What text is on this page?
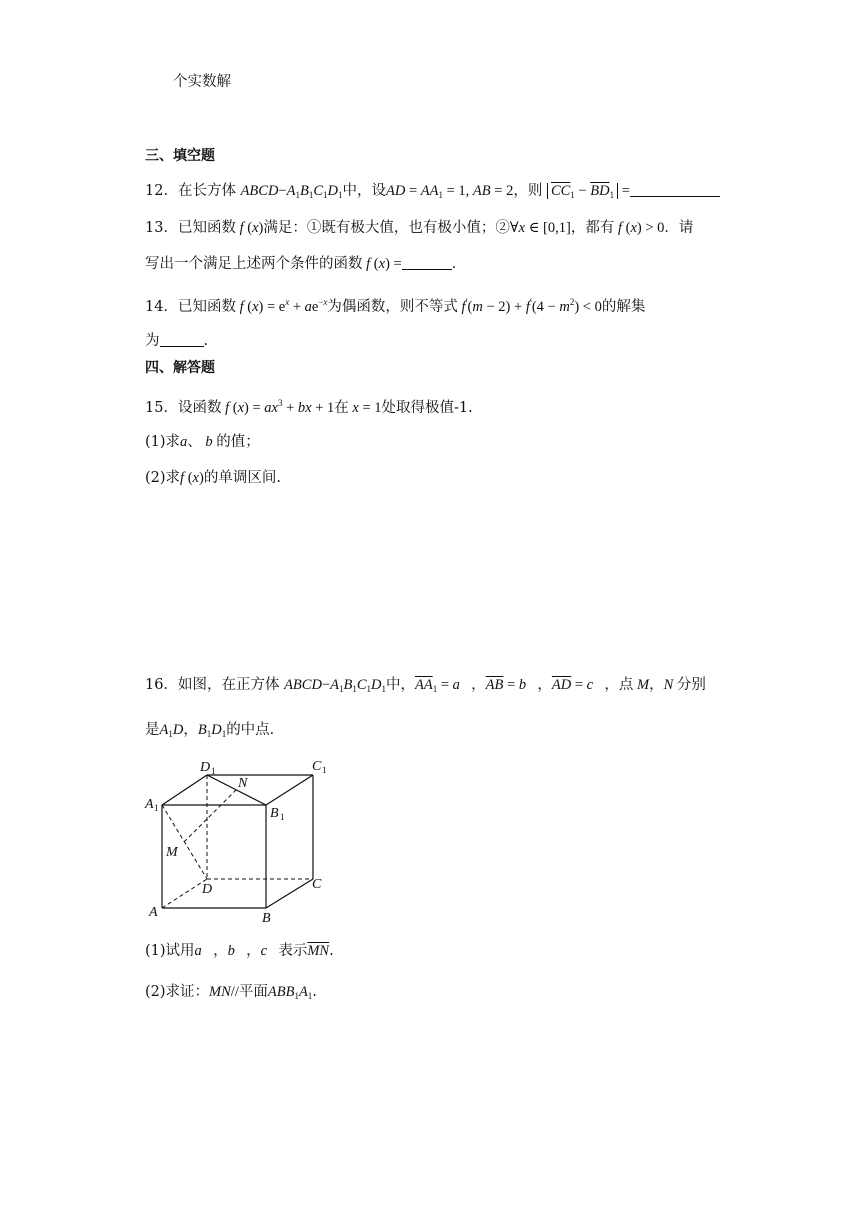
个实数解
三、填空题
12．在长方体 $ABCD-A_1B_1C_1D_1$中，设AD = $AA_1 = 1$, AB = 2，则 $\overline{CC}_1 - \overline{BD}_1$ =
13．已知函数 f (x)满足：①既有极大值，也有极小值；②∀x ∈ [0,1]，都有 f (x) > 0．请
写出一个满足上述两个条件的函数 f (x) =	．
14．已知函数 f $(x) = e^x + ae^{-x}$为偶函数，则不等式 $f'(m - 2) + f'(4 - m^2) < 0$的解集
为	.
四、解答题
15．设函数 f $(x) = ax^3$ + bx + 1在 x = 1处取得极值-1.
(1)求a、 b 的值；
(2)求f (x)的单调区间.
16．如图，在正方体 $ABCD-A_1B_1C_1D_1$中，$\overline{AA}_1$ = a⃗，$\overline{AB}$ = b⃗，$\overline{AD}$ = c⃗，点 M，N 分别
是$A_1D$，$B_1D_1$的中点．
D 1
N
C 1
A 1	B 1
M
D	C
A	B
(1)试用a⃗，b⃗，c⃗表示$\overline{MN}$.
(2)求证：MN//平面$ABB_1A_1$.
